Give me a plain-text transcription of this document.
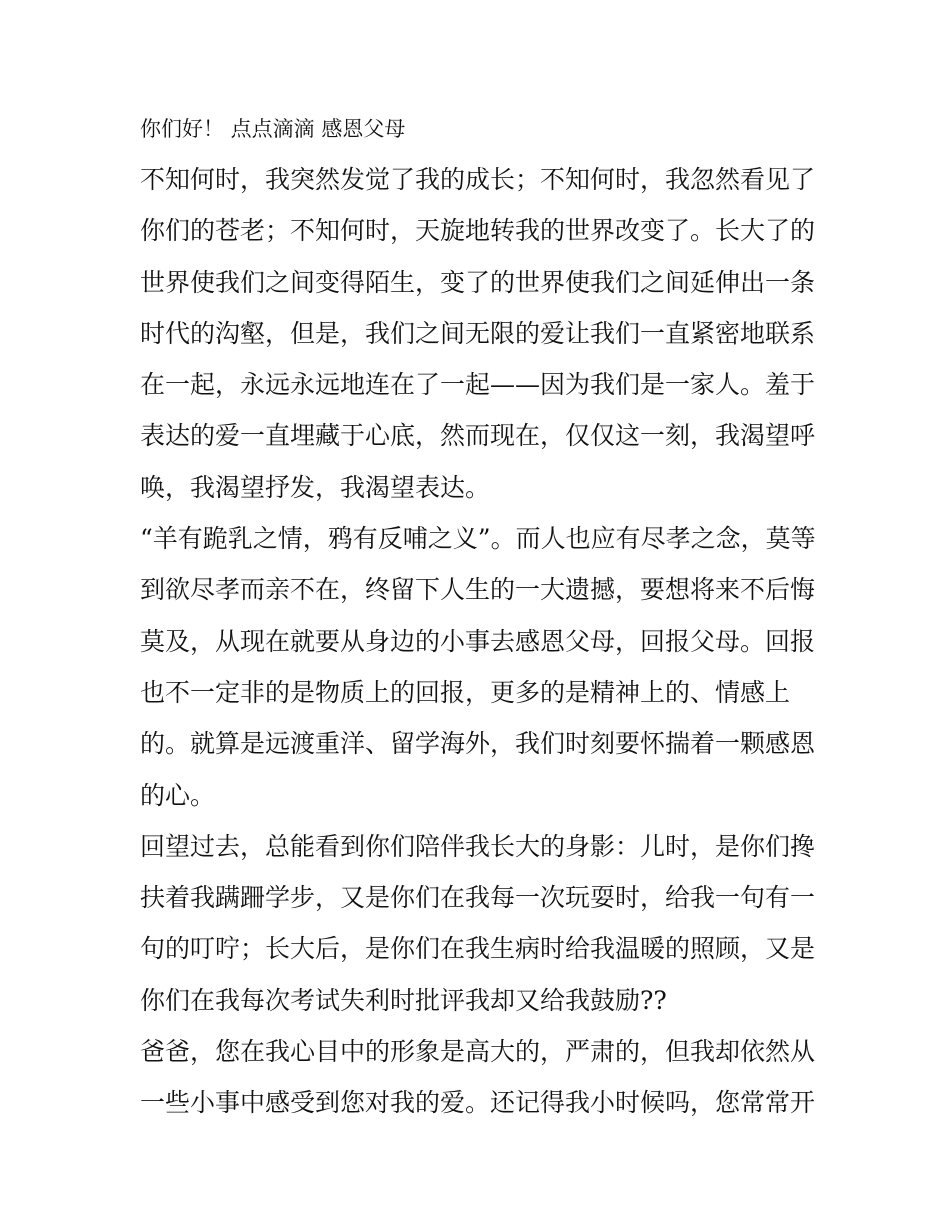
你们好！ 点点滴滴 感恩父母
不知何时，我突然发觉了我的成长；不知何时，我忽然看见了
你们的苍老；不知何时，天旋地转我的世界改变了。长大了的
世界使我们之间变得陌生，变了的世界使我们之间延伸出一条
时代的沟壑，但是，我们之间无限的爱让我们一直紧密地联系
在一起，永远永远地连在了一起——因为我们是一家人。羞于
表达的爱一直埋藏于心底，然而现在，仅仅这一刻，我渴望呼
唤，我渴望抒发，我渴望表达。
“羊有跪乳之情，鸦有反哺之义”。而人也应有尽孝之念，莫等
到欲尽孝而亲不在，终留下人生的一大遗撼，要想将来不后悔
莫及，从现在就要从身边的小事去感恩父母，回报父母。回报
也不一定非的是物质上的回报，更多的是精神上的、情感上
的。就算是远渡重洋、留学海外，我们时刻要怀揣着一颗感恩
的心。
回望过去，总能看到你们陪伴我长大的身影：儿时，是你们搀
扶着我蹒跚学步，又是你们在我每一次玩耍时，给我一句有一
句的叮咛；长大后，是你们在我生病时给我温暖的照顾，又是
你们在我每次考试失利时批评我却又给我鼓励??
爸爸，您在我心目中的形象是高大的，严肃的，但我却依然从
一些小事中感受到您对我的爱。还记得我小时候吗，您常常开
